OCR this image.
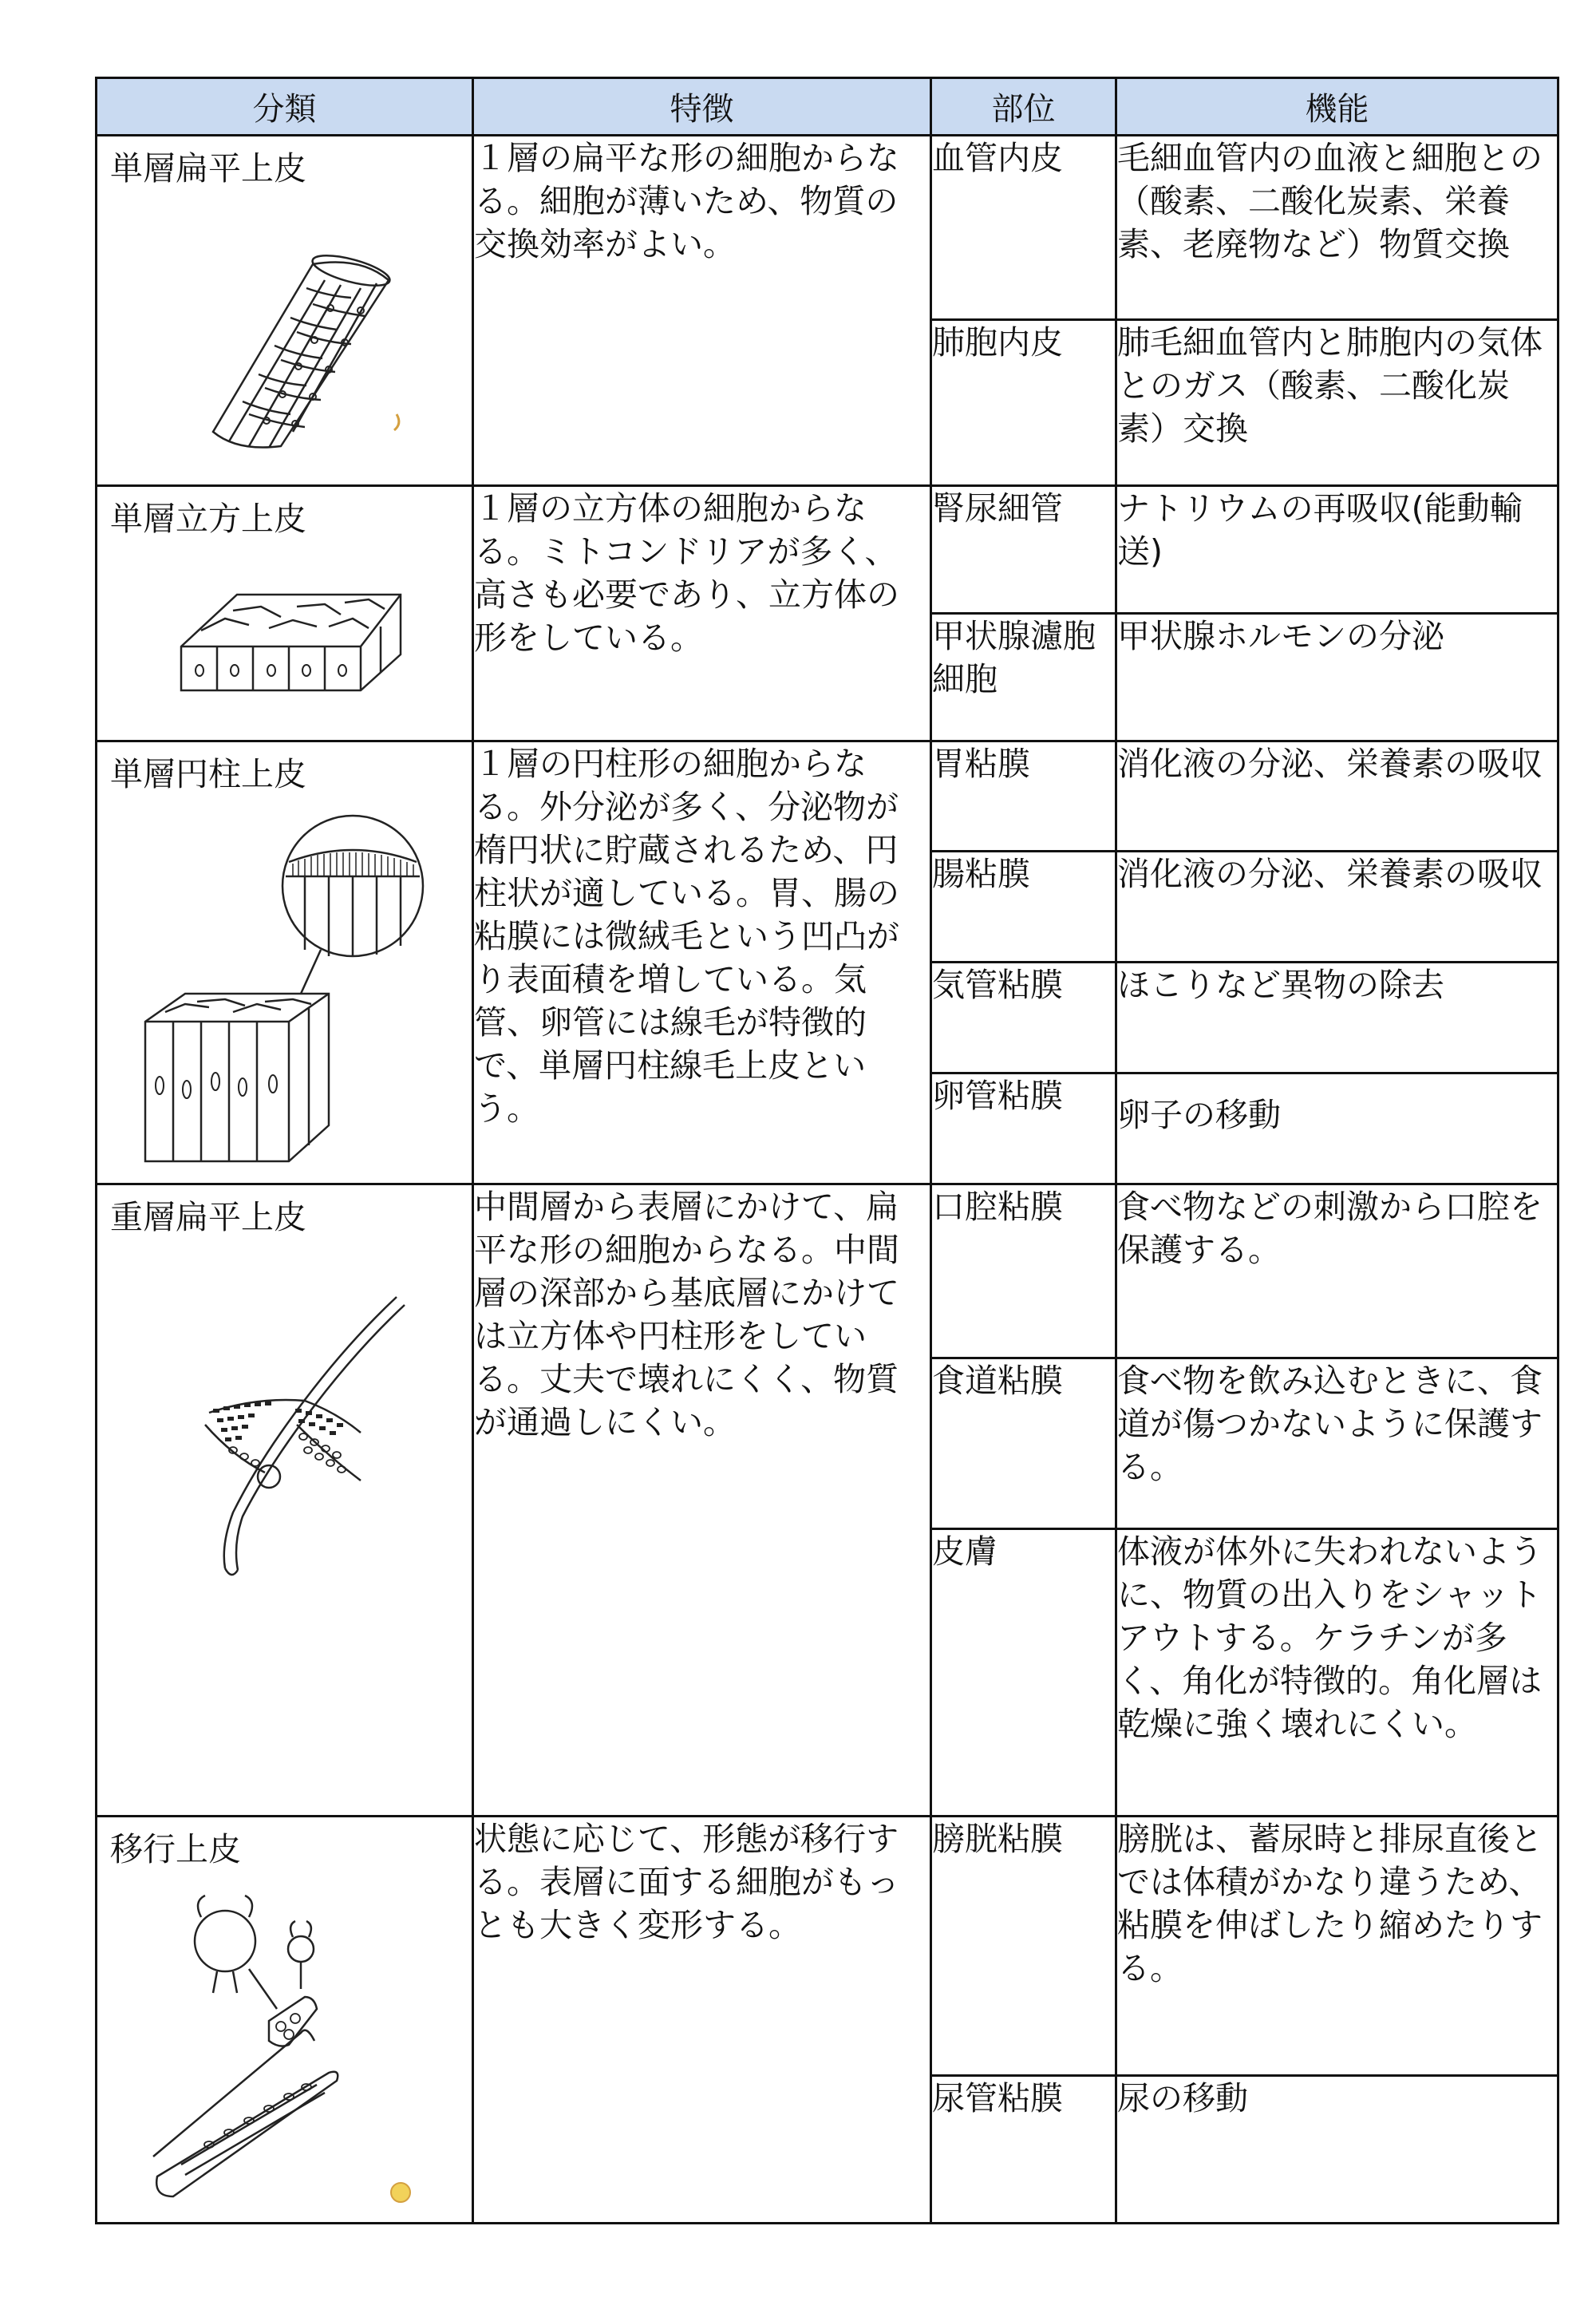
分類	特徴	部位	機能

単層扁平上皮	１層の扁平な形の細胞からなる。細胞が薄いため、物質の交換効率がよい。	血管内皮	毛細血管内の血液と細胞との（酸素、二酸化炭素、栄養素、老廃物など）物質交換
		肺胞内皮	肺毛細血管内と肺胞内の気体とのガス（酸素、二酸化炭素）交換

単層立方上皮	１層の立方体の細胞からなる。ミトコンドリアが多く、高さも必要であり、立方体の形をしている。	腎尿細管	ナトリウムの再吸収(能動輸送)
		甲状腺濾胞細胞	甲状腺ホルモンの分泌

単層円柱上皮	１層の円柱形の細胞からなる。外分泌が多く、分泌物が楕円状に貯蔵されるため、円柱状が適している。胃、腸の粘膜には微絨毛という凹凸がり表面積を増している。気管、卵管には線毛が特徴的で、単層円柱線毛上皮という。	胃粘膜	消化液の分泌、栄養素の吸収
		腸粘膜	消化液の分泌、栄養素の吸収
		気管粘膜	ほこりなど異物の除去
		卵管粘膜	卵子の移動

重層扁平上皮	中間層から表層にかけて、扁平な形の細胞からなる。中間層の深部から基底層にかけては立方体や円柱形をしている。丈夫で壊れにくく、物質が通過しにくい。	口腔粘膜	食べ物などの刺激から口腔を保護する。
		食道粘膜	食べ物を飲み込むときに、食道が傷つかないように保護する。
		皮膚	体液が体外に失われないように、物質の出入りをシャットアウトする。ケラチンが多く、角化が特徴的。角化層は乾燥に強く壊れにくい。

移行上皮	状態に応じて、形態が移行する。表層に面する細胞がもっとも大きく変形する。	膀胱粘膜	膀胱は、蓄尿時と排尿直後とでは体積がかなり違うため、粘膜を伸ばしたり縮めたりする。
		尿管粘膜	尿の移動
